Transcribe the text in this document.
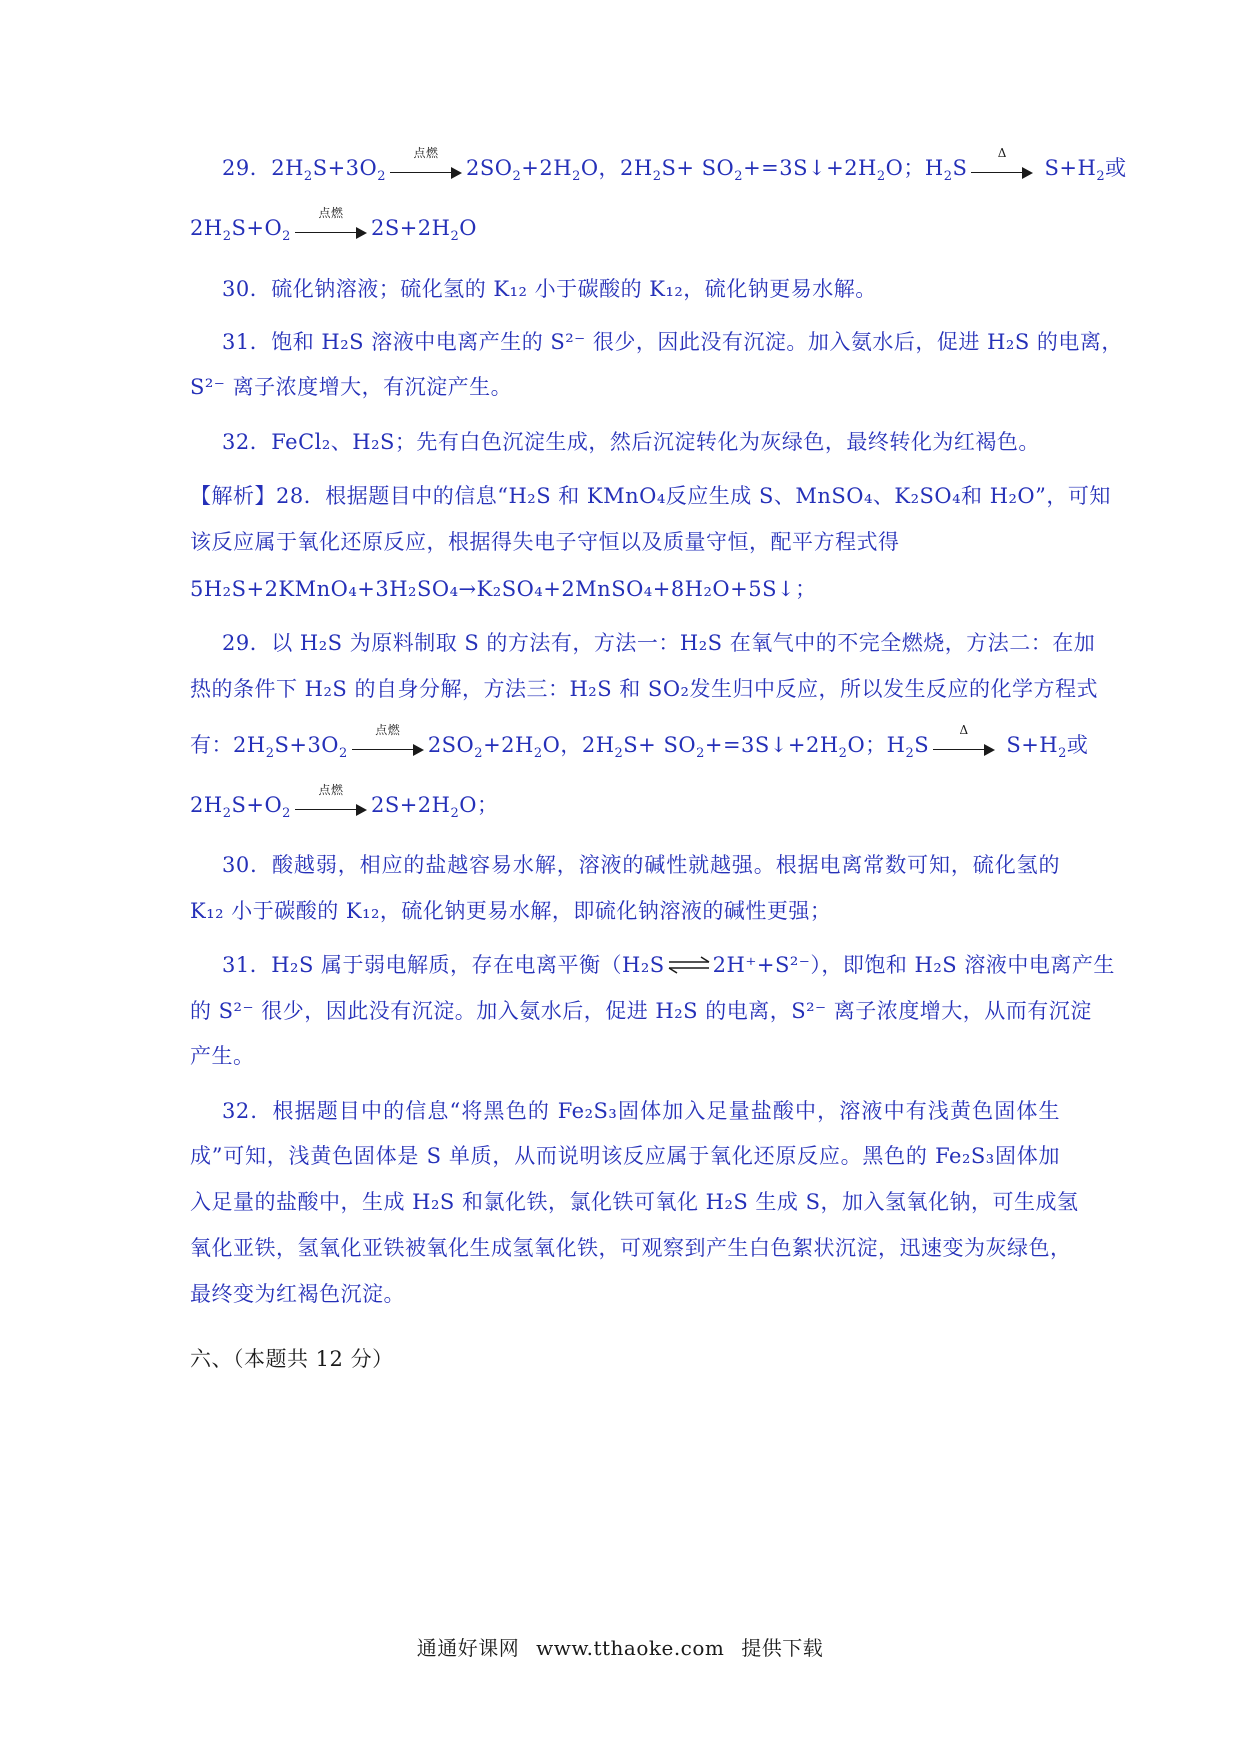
29．$2H_2S+3O_2$
点燃
$2SO_2+2H_2O$，$2H_2S+$ $SO_2+=3S↓+2H_2O$；$H_2S$
Δ
$S+H_2$或
$2H_2S+O_2$
点燃
$2S+2H_2O$
30．硫化钠溶液；硫化氢的 K₁₂ 小于碳酸的 K₁₂，硫化钠更易水解。
31．饱和 H₂S 溶液中电离产生的 S²⁻ 很少，因此没有沉淀。加入氨水后，促进 H₂S 的电离，
S²⁻ 离子浓度增大，有沉淀产生。
32．FeCl₂、H₂S；先有白色沉淀生成，然后沉淀转化为灰绿色，最终转化为红褐色。
【解析】28．根据题目中的信息“H₂S 和 KMnO₄反应生成 S、MnSO₄、K₂SO₄和 H₂O”，可知
该反应属于氧化还原反应，根据得失电子守恒以及质量守恒，配平方程式得
5H₂S+2KMnO₄+3H₂SO₄→K₂SO₄+2MnSO₄+8H₂O+5S↓；
29．以 H₂S 为原料制取 S 的方法有，方法一：H₂S 在氧气中的不完全燃烧，方法二：在加
热的条件下 H₂S 的自身分解，方法三：H₂S 和 SO₂发生归中反应，所以发生反应的化学方程式
有：$2H_2S+3O_2$
点燃
$2SO_2+2H_2O$，$2H_2S+$ $SO_2+=3S↓+2H_2O$；$H_2S$
Δ
$S+H_2$或
$2H_2S+O_2$
点燃
$2S+2H_2O$；
30．酸越弱，相应的盐越容易水解，溶液的碱性就越强。根据电离常数可知，硫化氢的
K₁₂ 小于碳酸的 K₁₂，硫化钠更易水解，即硫化钠溶液的碱性更强；
31．H₂S 属于弱电解质，存在电离平衡（H₂S ⇌ 2H⁺+S²⁻），即饱和 H₂S 溶液中电离产生
的 S²⁻ 很少，因此没有沉淀。加入氨水后，促进 H₂S 的电离，S²⁻ 离子浓度增大，从而有沉淀
产生。
32．根据题目中的信息“将黑色的 Fe₂S₃固体加入足量盐酸中，溶液中有浅黄色固体生
成”可知，浅黄色固体是 S 单质，从而说明该反应属于氧化还原反应。黑色的 Fe₂S₃固体加
入足量的盐酸中，生成 H₂S 和氯化铁，氯化铁可氧化 H₂S 生成 S，加入氢氧化钠，可生成氢
氧化亚铁，氢氧化亚铁被氧化生成氢氧化铁，可观察到产生白色絮状沉淀，迅速变为灰绿色，
最终变为红褐色沉淀。
六、（本题共 12 分）
通通好课网 www.tthaoke.com 提供下载
